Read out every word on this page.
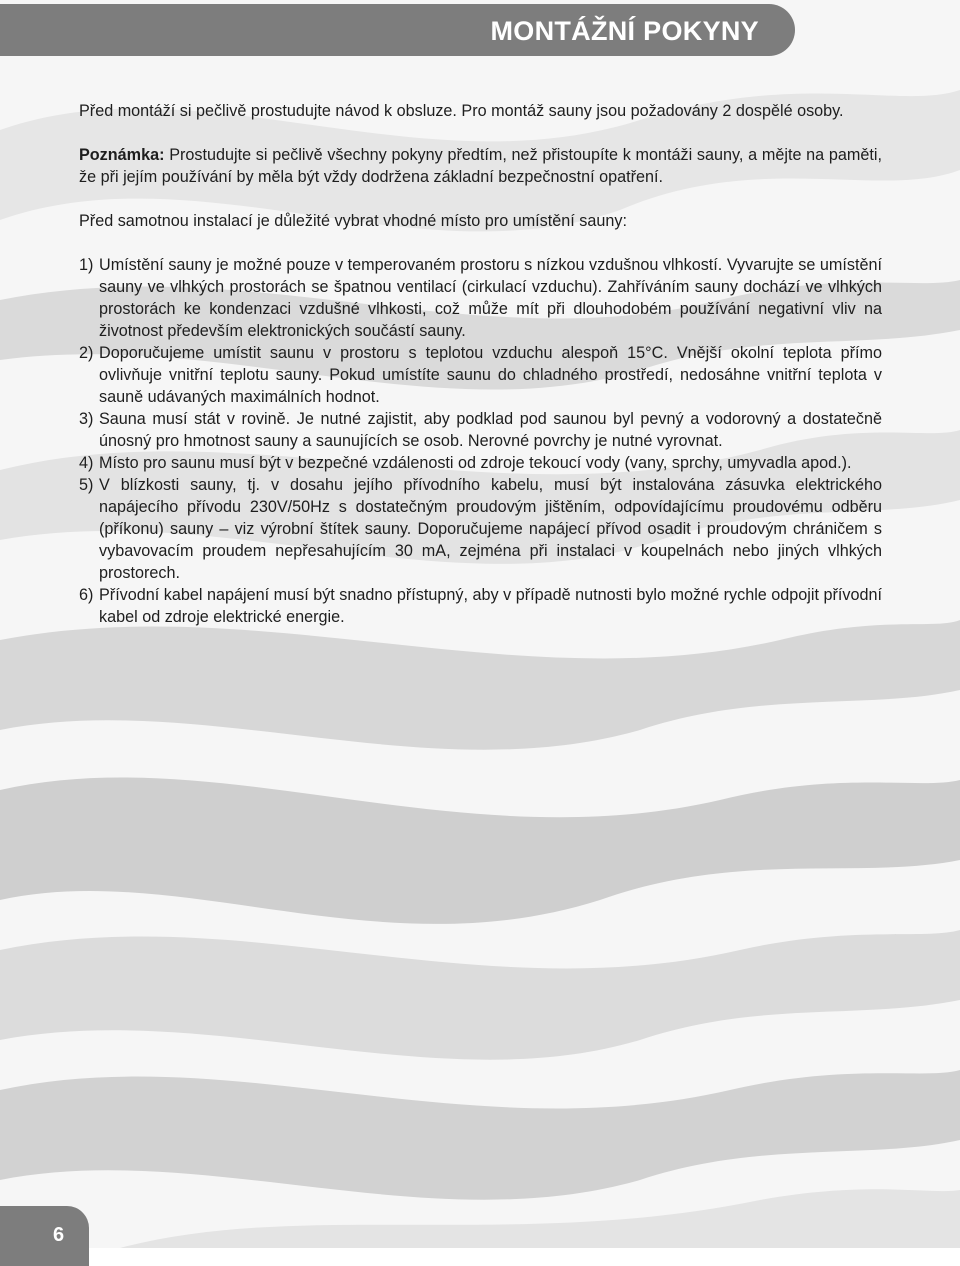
MONTÁŽNÍ POKYNY

Před montáží si pečlivě prostudujte návod k obsluze. Pro montáž sauny jsou požadovány 2 dospělé osoby.

Poznámka: Prostudujte si pečlivě všechny pokyny předtím, než přistoupíte k montáži sauny, a mějte na paměti, že při jejím používání by měla být vždy dodržena základní bezpečnostní opatření.

Před samotnou instalací je důležité vybrat vhodné místo pro umístění sauny:

1) Umístění sauny je možné pouze v temperovaném prostoru s nízkou vzdušnou vlhkostí. Vyvarujte se umístění sauny ve vlhkých prostorách se špatnou ventilací (cirkulací vzduchu). Zahříváním sauny dochází ve vlhkých prostorách ke kondenzaci vzdušné vlhkosti, což může mít při dlouhodobém používání negativní vliv na životnost především elektronických součástí sauny.
2) Doporučujeme umístit saunu v prostoru s teplotou vzduchu alespoň 15°C. Vnější okolní teplota přímo ovlivňuje vnitřní teplotu sauny. Pokud umístíte saunu do chladného prostředí, nedosáhne vnitřní teplota v sauně udávaných maximálních hodnot.
3) Sauna musí stát v rovině. Je nutné zajistit, aby podklad pod saunou byl pevný a vodorovný a dostatečně únosný pro hmotnost sauny a saunujících se osob. Nerovné povrchy je nutné vyrovnat.
4) Místo pro saunu musí být v bezpečné vzdálenosti od zdroje tekoucí vody (vany, sprchy, umyvadla apod.).
5) V blízkosti sauny, tj. v dosahu jejího přívodního kabelu, musí být instalována zásuvka elektrického napájecího přívodu 230V/50Hz s dostatečným proudovým jištěním, odpovídajícímu proudovému odběru (příkonu) sauny – viz výrobní štítek sauny. Doporučujeme napájecí přívod osadit i proudovým chráničem s vybavovacím proudem nepřesahujícím 30 mA, zejména při instalaci v koupelnách nebo jiných vlhkých prostorech.
6) Přívodní kabel napájení musí být snadno přístupný, aby v případě nutnosti bylo možné rychle odpojit přívodní kabel od zdroje elektrické energie.
6
